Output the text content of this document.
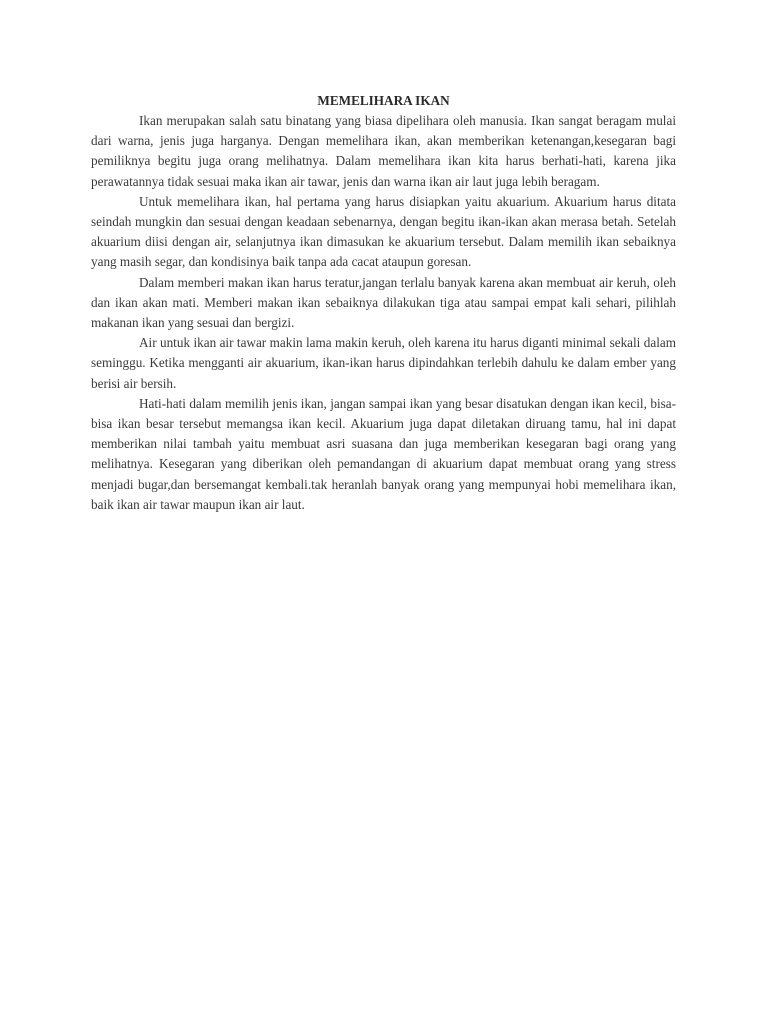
MEMELIHARA IKAN

Ikan merupakan salah satu binatang yang biasa dipelihara oleh manusia. Ikan sangat beragam mulai dari warna, jenis juga harganya. Dengan memelihara ikan, akan memberikan ketenangan,kesegaran bagi pemiliknya begitu juga orang melihatnya. Dalam memelihara ikan kita harus berhati-hati, karena jika perawatannya tidak sesuai maka ikan air tawar, jenis dan warna ikan air laut juga lebih beragam.

Untuk memelihara ikan, hal pertama yang harus disiapkan yaitu akuarium. Akuarium harus ditata seindah mungkin dan sesuai dengan keadaan sebenarnya, dengan begitu ikan-ikan akan merasa betah. Setelah akuarium diisi dengan air, selanjutnya ikan dimasukan ke akuarium tersebut. Dalam memilih ikan sebaiknya yang masih segar, dan kondisinya baik tanpa ada cacat ataupun goresan.

Dalam memberi makan ikan harus teratur,jangan terlalu banyak karena akan membuat air keruh, oleh dan ikan akan mati. Memberi makan ikan sebaiknya dilakukan tiga atau sampai empat kali sehari, pilihlah makanan ikan yang sesuai dan bergizi.

Air untuk ikan air tawar makin lama makin keruh, oleh karena itu harus diganti minimal sekali dalam seminggu. Ketika mengganti air akuarium, ikan-ikan harus dipindahkan terlebih dahulu ke dalam ember yang berisi air bersih.

Hati-hati dalam memilih jenis ikan, jangan sampai ikan yang besar disatukan dengan ikan kecil, bisa-bisa ikan besar tersebut memangsa ikan kecil. Akuarium juga dapat diletakan diruang tamu, hal ini dapat memberikan nilai tambah yaitu membuat asri suasana dan juga memberikan kesegaran bagi orang yang melihatnya. Kesegaran yang diberikan oleh pemandangan di akuarium dapat membuat orang yang stress menjadi bugar,dan bersemangat kembali.tak heranlah banyak orang yang mempunyai hobi memelihara ikan, baik ikan air tawar maupun ikan air laut.
